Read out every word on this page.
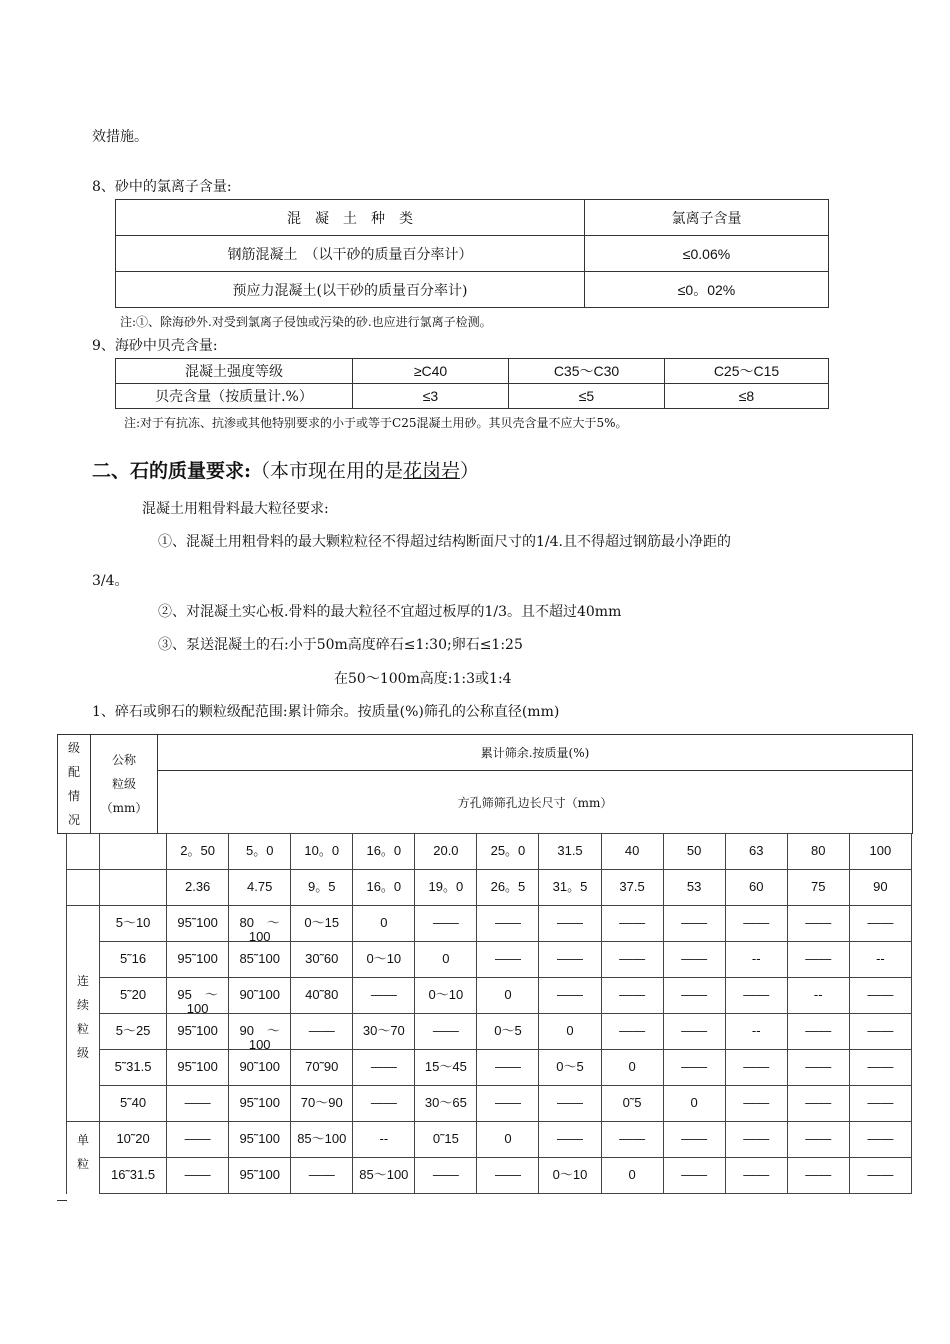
效措施。
8、砂中的氯离子含量:
混　凝　土　种　类	氯离子含量
钢筋混凝土　（以干砂的质量百分率计）	≤0.06%
预应力混凝土(以干砂的质量百分率计)	≤0。02%
注:①、除海砂外.对受到氯离子侵蚀或污染的砂.也应进行氯离子检测。
9、海砂中贝壳含量:
混凝土强度等级	≥C40	C35～C30	C25～C15
贝壳含量（按质量计.%）	≤3	≤5	≤8
注:对于有抗冻、抗渗或其他特别要求的小于或等于C25混凝土用砂。其贝壳含量不应大于5%。
二、石的质量要求:（本市现在用的是花岗岩）
混凝土用粗骨料最大粒径要求:
①、混凝土用粗骨料的最大颗粒粒径不得超过结构断面尺寸的1/4.且不得超过钢筋最小净距的
3/4。
②、对混凝土实心板.骨料的最大粒径不宜超过板厚的1/3。且不超过40mm
③、泵送混凝土的石:小于50m高度碎石≤1:30;卵石≤1:25
在50～100m高度:1:3或1:4
1、碎石或卵石的颗粒级配范围:累计筛余。按质量(%)筛孔的公称直径(mm)
级
配
情
况

公称
粒级
（mm）
	累计筛余.按质量(%)
方孔筛筛孔边长尺寸（mm）
		2。50	5。0	10。0	16。0	20.0	25。0	31.5	40	50	63	80	100
		2.36	4.75	9。5	16。0	19。0	26。5	31。5	37.5	53	60	75	90

连
续
粒
级	5～10	95˜100	80　～100	0～15	0	——	——	——	——	——	——	——	——
	5˜16	95˜100	85˜100	30˜60	0～10	0	——	——	——	——	--	——	--
	5˜20	95　～100	90˜100	40˜80	——	0～10	0	——	——	——	——	--	——
	5～25	95˜100	90　～100	——	30～70	——	0～5	0	——	——	--	——	——
	5˜31.5	95˜100	90˜100	70˜90	——	15～45	——	0～5	0	——	——	——	——
	5˜40	——	95˜100	70～90	——	30～65	——	——	0˜5	0	——	——	——

单
粒	10˜20	——	95˜100	85～100	--	0˜15	0	——	——	——	——	——	——

	16˜31.5	——	95˜100	——	85～100	——	——	0～10	0	——	——	——	——
